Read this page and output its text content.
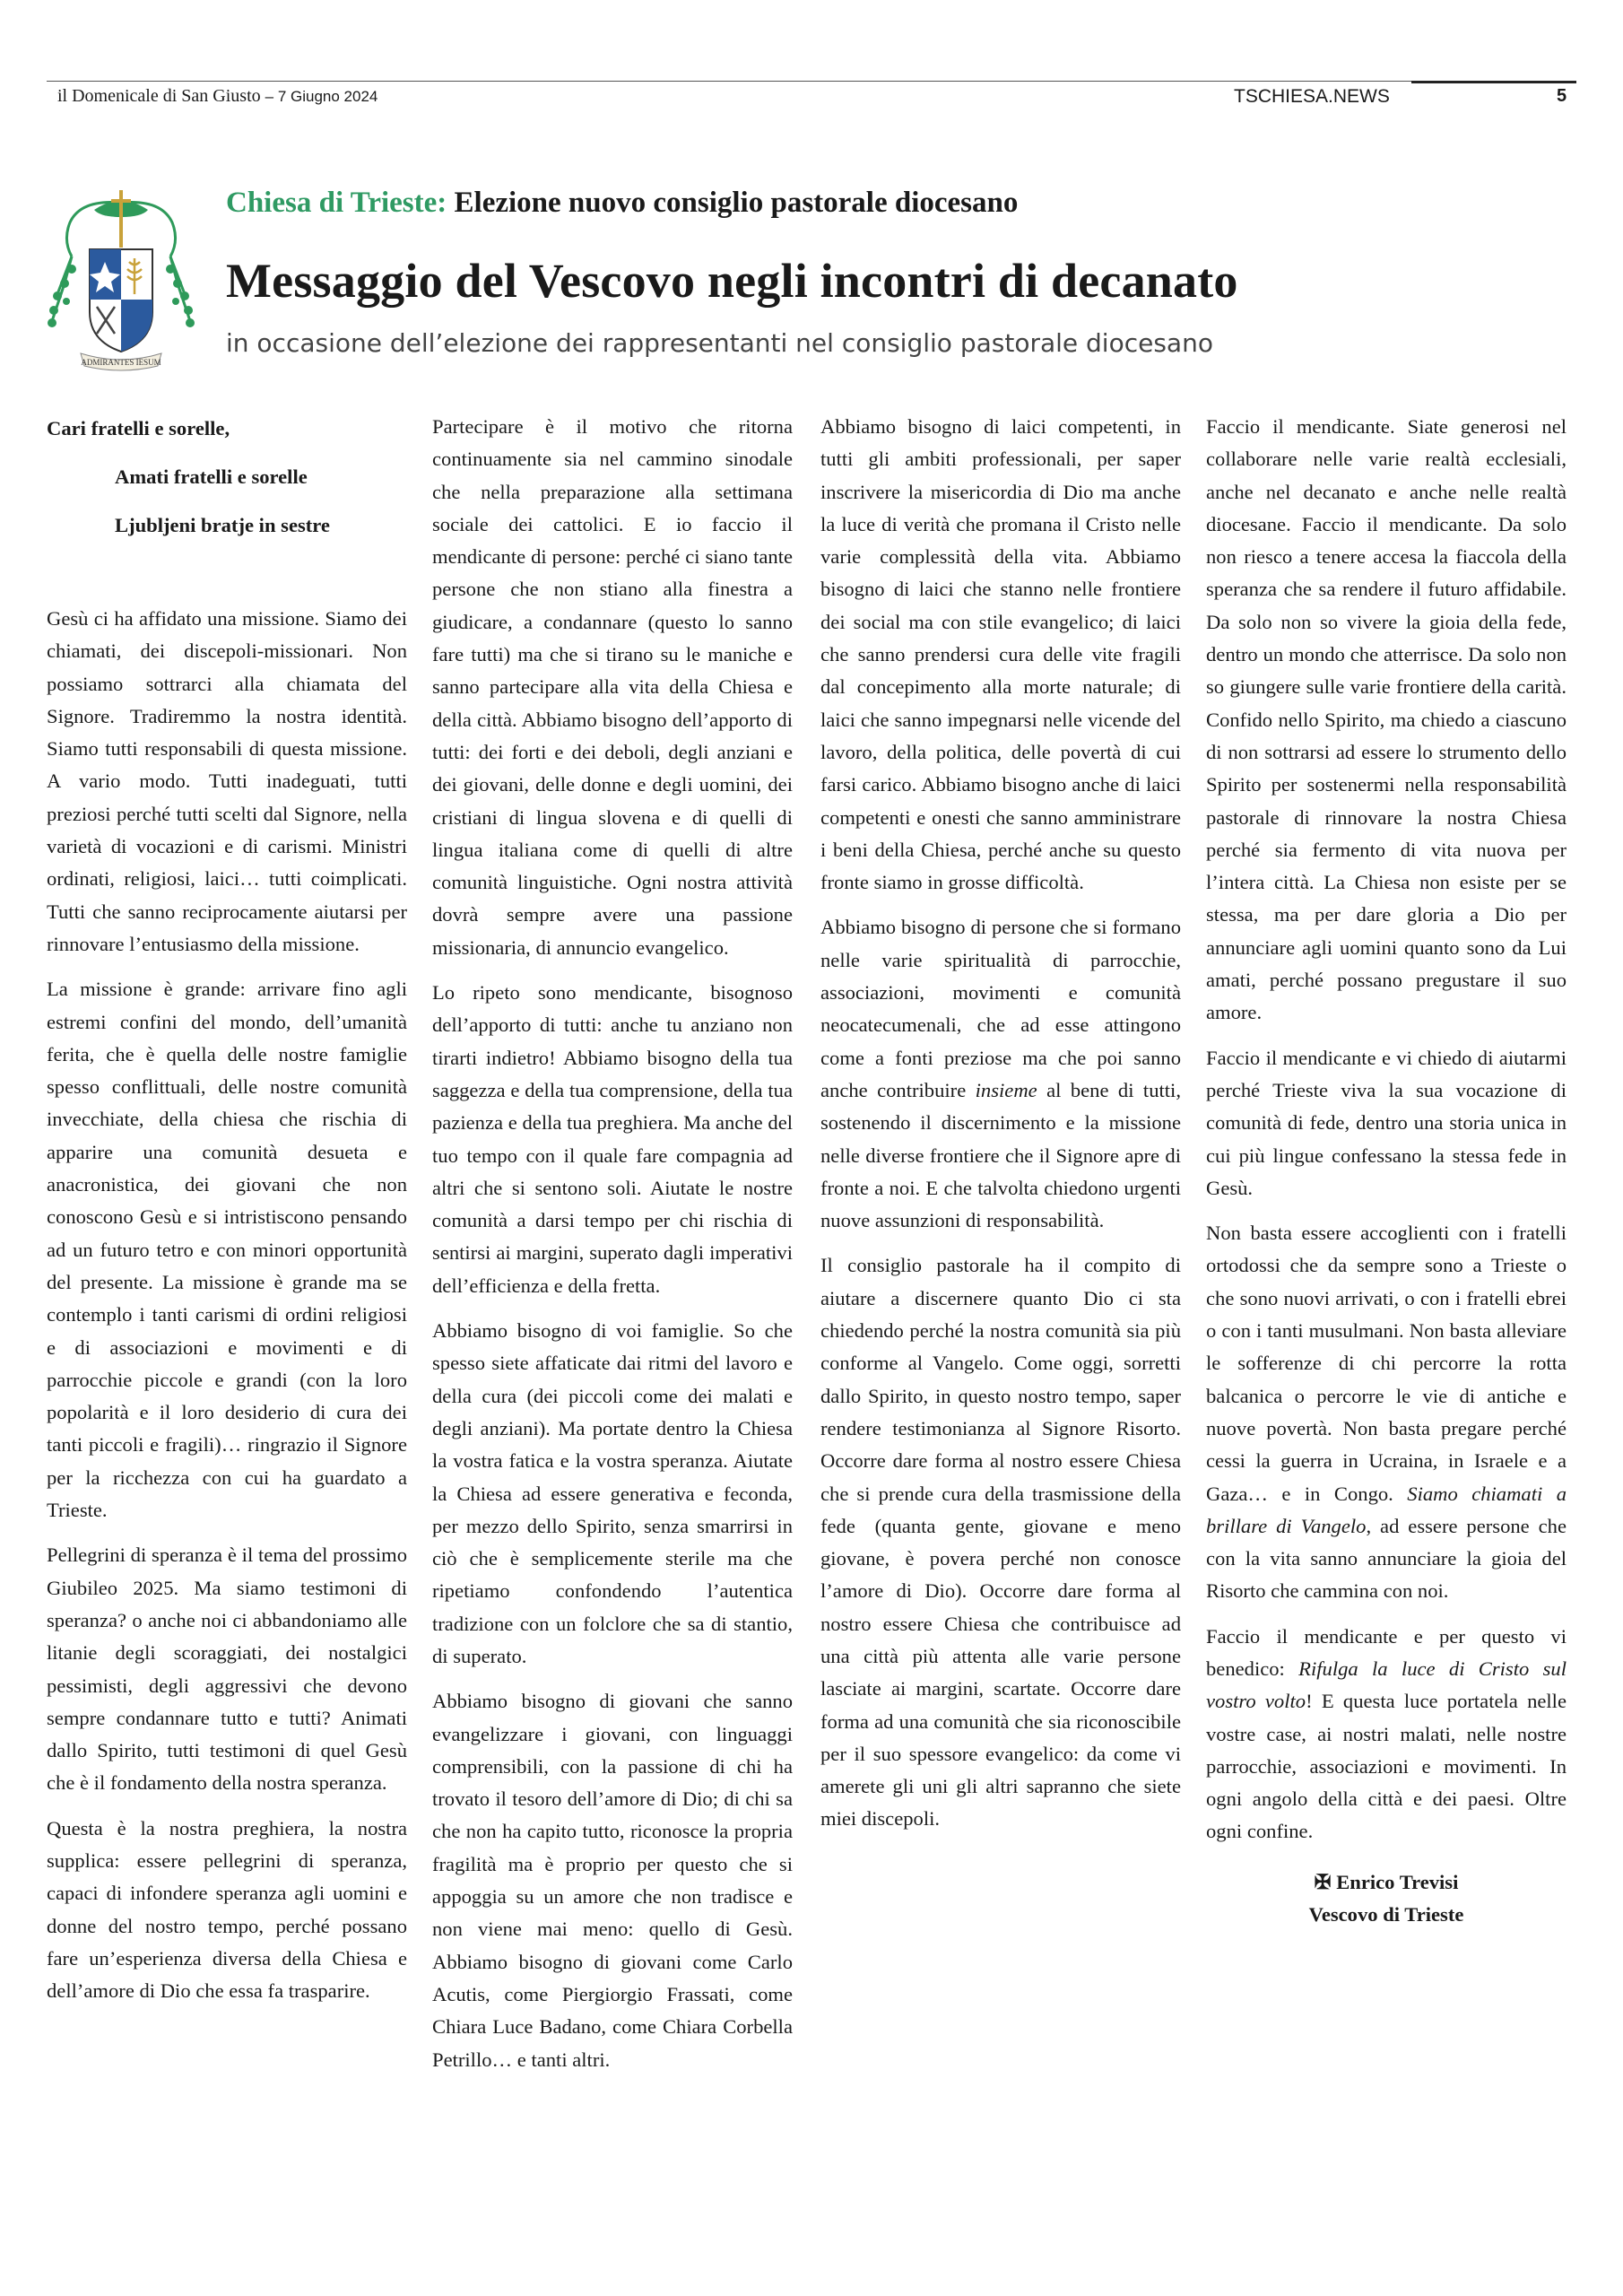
il Domenicale di San Giusto – 7 Giugno 2024	TSCHIESA.NEWS	5
ADMIRANTES IESUM
Chiesa di Trieste: Elezione nuovo consiglio pastorale diocesano
Messaggio del Vescovo negli incontri di decanato
in occasione dell’elezione dei rappresentanti nel consiglio pastorale diocesano

Cari fratelli e sorelle,

Amati fratelli e sorelle

Ljubljeni bratje in sestre

Gesù ci ha affidato una missione. Siamo dei chiamati, dei discepoli-missionari. Non possiamo sottrarci alla chiamata del Signore. Tradiremmo la nostra identità. Siamo tutti responsabili di questa missione. A vario modo. Tutti inadeguati, tutti preziosi perché tutti scelti dal Signore, nella varietà di vocazioni e di carismi. Ministri ordinati, religiosi, laici… tutti coimplicati. Tutti che sanno reciprocamente aiutarsi per rinnovare l’entusiasmo della missione.

La missione è grande: arrivare fino agli estremi confini del mondo, dell’umanità ferita, che è quella delle nostre famiglie spesso conflittuali, delle nostre comunità invecchiate, della chiesa che rischia di apparire una comunità desueta e anacronistica, dei giovani che non conoscono Gesù e si intristiscono pensando ad un futuro tetro e con minori opportunità del presente. La missione è grande ma se contemplo i tanti carismi di ordini religiosi e di associazioni e movimenti e di parrocchie piccole e grandi (con la loro popolarità e il loro desiderio di cura dei tanti piccoli e fragili)… ringrazio il Signore per la ricchezza con cui ha guardato a Trieste.

Pellegrini di speranza è il tema del prossimo Giubileo 2025. Ma siamo testimoni di speranza? o anche noi ci abbandoniamo alle litanie degli scoraggiati, dei nostalgici pessimisti, degli aggressivi che devono sempre condannare tutto e tutti? Animati dallo Spirito, tutti testimoni di quel Gesù che è il fondamento della nostra speranza.

Questa è la nostra preghiera, la nostra supplica: essere pellegrini di speranza, capaci di infondere speranza agli uomini e donne del nostro tempo, perché possano fare un’esperienza diversa della Chiesa e dell’amore di Dio che essa fa trasparire.

Partecipare è il motivo che ritorna continuamente sia nel cammino sinodale che nella preparazione alla settimana sociale dei cattolici. E io faccio il mendicante di persone: perché ci siano tante persone che non stiano alla finestra a giudicare, a condannare (questo lo sanno fare tutti) ma che si tirano su le maniche e sanno partecipare alla vita della Chiesa e della città. Abbiamo bisogno dell’apporto di tutti: dei forti e dei deboli, degli anziani e dei giovani, delle donne e degli uomini, dei cristiani di lingua slovena e di quelli di lingua italiana come di quelli di altre comunità linguistiche. Ogni nostra attività dovrà sempre avere una passione missionaria, di annuncio evangelico.

Lo ripeto sono mendicante, bisognoso dell’apporto di tutti: anche tu anziano non tirarti indietro! Abbiamo bisogno della tua saggezza e della tua comprensione, della tua pazienza e della tua preghiera. Ma anche del tuo tempo con il quale fare compagnia ad altri che si sentono soli. Aiutate le nostre comunità a darsi tempo per chi rischia di sentirsi ai margini, superato dagli imperativi dell’efficienza e della fretta.

Abbiamo bisogno di voi famiglie. So che spesso siete affaticate dai ritmi del lavoro e della cura (dei piccoli come dei malati e degli anziani). Ma portate dentro la Chiesa la vostra fatica e la vostra speranza. Aiutate la Chiesa ad essere generativa e feconda, per mezzo dello Spirito, senza smarrirsi in ciò che è semplicemente sterile ma che ripetiamo confondendo l’autentica tradizione con un folclore che sa di stantio, di superato.

Abbiamo bisogno di giovani che sanno evangelizzare i giovani, con linguaggi comprensibili, con la passione di chi ha trovato il tesoro dell’amore di Dio; di chi sa che non ha capito tutto, riconosce la propria fragilità ma è proprio per questo che si appoggia su un amore che non tradisce e non viene mai meno: quello di Gesù. Abbiamo bisogno di giovani come Carlo Acutis, come Piergiorgio Frassati, come Chiara Luce Badano, come Chiara Corbella Petrillo… e tanti altri.

Abbiamo bisogno di laici competenti, in tutti gli ambiti professionali, per saper inscrivere la misericordia di Dio ma anche la luce di verità che promana il Cristo nelle varie complessità della vita. Abbiamo bisogno di laici che stanno nelle frontiere dei social ma con stile evangelico; di laici che sanno prendersi cura delle vite fragili dal concepimento alla morte naturale; di laici che sanno impegnarsi nelle vicende del lavoro, della politica, delle povertà di cui farsi carico. Abbiamo bisogno anche di laici competenti e onesti che sanno amministrare i beni della Chiesa, perché anche su questo fronte siamo in grosse difficoltà.

Abbiamo bisogno di persone che si formano nelle varie spiritualità di parrocchie, associazioni, movimenti e comunità neocatecumenali, che ad esse attingono come a fonti preziose ma che poi sanno anche contribuire insieme al bene di tutti, sostenendo il discernimento e la missione nelle diverse frontiere che il Signore apre di fronte a noi. E che talvolta chiedono urgenti nuove assunzioni di responsabilità.

Il consiglio pastorale ha il compito di aiutare a discernere quanto Dio ci sta chiedendo perché la nostra comunità sia più conforme al Vangelo. Come oggi, sorretti dallo Spirito, in questo nostro tempo, saper rendere testimonianza al Signore Risorto. Occorre dare forma al nostro essere Chiesa che si prende cura della trasmissione della fede (quanta gente, giovane e meno giovane, è povera perché non conosce l’amore di Dio). Occorre dare forma al nostro essere Chiesa che contribuisce ad una città più attenta alle varie persone lasciate ai margini, scartate. Occorre dare forma ad una comunità che sia riconoscibile per il suo spessore evangelico: da come vi amerete gli uni gli altri sapranno che siete miei discepoli.

Faccio il mendicante. Siate generosi nel collaborare nelle varie realtà ecclesiali, anche nel decanato e anche nelle realtà diocesane. Faccio il mendicante. Da solo non riesco a tenere accesa la fiaccola della speranza che sa rendere il futuro affidabile. Da solo non so vivere la gioia della fede, dentro un mondo che atterrisce. Da solo non so giungere sulle varie frontiere della carità. Confido nello Spirito, ma chiedo a ciascuno di non sottrarsi ad essere lo strumento dello Spirito per sostenermi nella responsabilità pastorale di rinnovare la nostra Chiesa perché sia fermento di vita nuova per l’intera città. La Chiesa non esiste per se stessa, ma per dare gloria a Dio per annunciare agli uomini quanto sono da Lui amati, perché possano pregustare il suo amore.

Faccio il mendicante e vi chiedo di aiutarmi perché Trieste viva la sua vocazione di comunità di fede, dentro una storia unica in cui più lingue confessano la stessa fede in Gesù.

Non basta essere accoglienti con i fratelli ortodossi che da sempre sono a Trieste o che sono nuovi arrivati, o con i fratelli ebrei o con i tanti musulmani. Non basta alleviare le sofferenze di chi percorre la rotta balcanica o percorre le vie di antiche e nuove povertà. Non basta pregare perché cessi la guerra in Ucraina, in Israele e a Gaza… e in Congo. Siamo chiamati a brillare di Vangelo, ad essere persone che con la vita sanno annunciare la gioia del Risorto che cammina con noi.

Faccio il mendicante e per questo vi benedico: Rifulga la luce di Cristo sul vostro volto! E questa luce portatela nelle vostre case, ai nostri malati, nelle nostre parrocchie, associazioni e movimenti. In ogni angolo della città e dei paesi. Oltre ogni confine.

✠ Enrico Trevisi
Vescovo di Trieste
